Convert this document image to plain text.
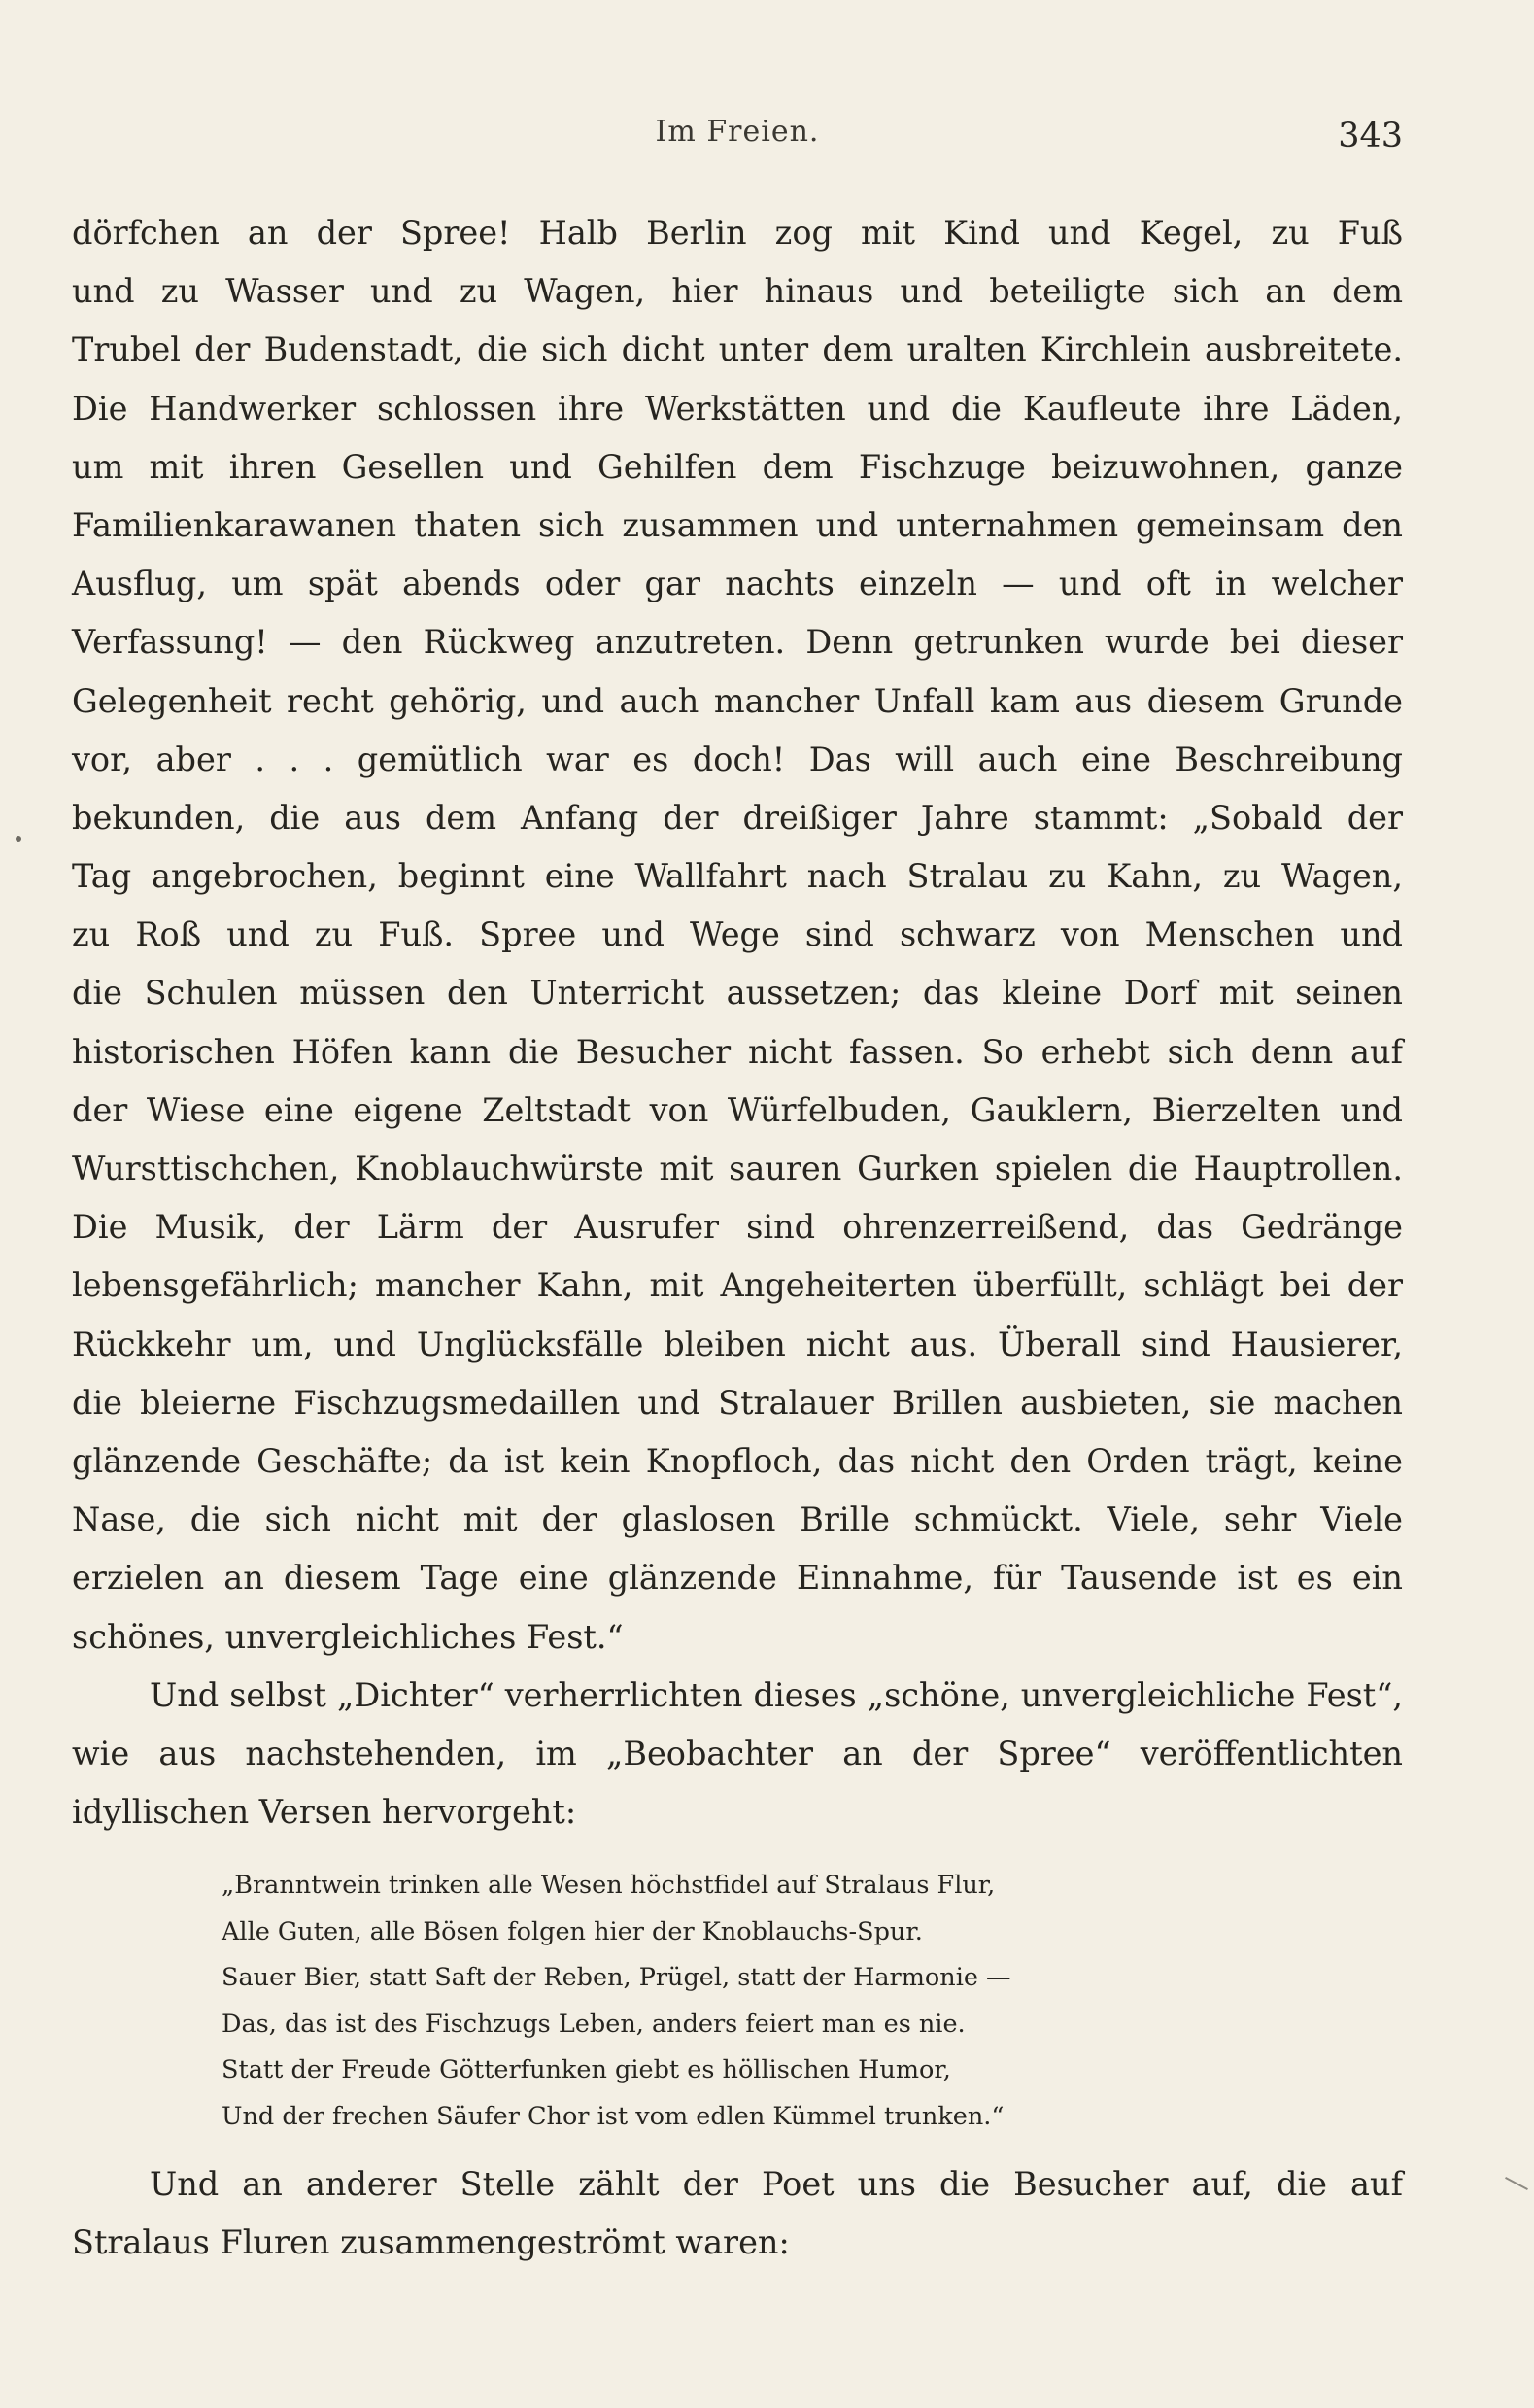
Im Freien.	343
dörfchen an der Spree! Halb Berlin zog mit Kind und Kegel, zu Fuß
und zu Wasser und zu Wagen, hier hinaus und beteiligte sich an dem
Trubel der Budenstadt, die sich dicht unter dem uralten Kirchlein ausbreitete.
Die Handwerker schlossen ihre Werkstätten und die Kaufleute ihre Läden,
um mit ihren Gesellen und Gehilfen dem Fischzuge beizuwohnen, ganze
Familienkarawanen thaten sich zusammen und unternahmen gemeinsam den
Ausflug, um spät abends oder gar nachts einzeln — und oft in welcher
Verfassung! — den Rückweg anzutreten. Denn getrunken wurde bei dieser
Gelegenheit recht gehörig, und auch mancher Unfall kam aus diesem Grunde
vor, aber . . . gemütlich war es doch! Das will auch eine Beschreibung
bekunden, die aus dem Anfang der dreißiger Jahre stammt: „Sobald der
Tag angebrochen, beginnt eine Wallfahrt nach Stralau zu Kahn, zu Wagen,
zu Roß und zu Fuß. Spree und Wege sind schwarz von Menschen und
die Schulen müssen den Unterricht aussetzen; das kleine Dorf mit seinen
historischen Höfen kann die Besucher nicht fassen. So erhebt sich denn auf
der Wiese eine eigene Zeltstadt von Würfelbuden, Gauklern, Bierzelten und
Wursttischchen, Knoblauchwürste mit sauren Gurken spielen die Hauptrollen.
Die Musik, der Lärm der Ausrufer sind ohrenzerreißend, das Gedränge
lebensgefährlich; mancher Kahn, mit Angeheiterten überfüllt, schlägt bei der
Rückkehr um, und Unglücksfälle bleiben nicht aus. Überall sind Hausierer,
die bleierne Fischzugsmedaillen und Stralauer Brillen ausbieten, sie machen
glänzende Geschäfte; da ist kein Knopfloch, das nicht den Orden trägt, keine
Nase, die sich nicht mit der glaslosen Brille schmückt. Viele, sehr Viele
erzielen an diesem Tage eine glänzende Einnahme, für Tausende ist es ein
schönes, unvergleichliches Fest.“
Und selbst „Dichter“ verherrlichten dieses „schöne, unvergleichliche Fest“,
wie aus nachstehenden, im „Beobachter an der Spree“ veröffentlichten
idyllischen Versen hervorgeht:
„Branntwein trinken alle Wesen höchstfidel auf Stralaus Flur,
Alle Guten, alle Bösen folgen hier der Knoblauchs-Spur.
Sauer Bier, statt Saft der Reben, Prügel, statt der Harmonie —
Das, das ist des Fischzugs Leben, anders feiert man es nie.
Statt der Freude Götterfunken giebt es höllischen Humor,
Und der frechen Säufer Chor ist vom edlen Kümmel trunken.“
Und an anderer Stelle zählt der Poet uns die Besucher auf, die auf
Stralaus Fluren zusammengeströmt waren:
